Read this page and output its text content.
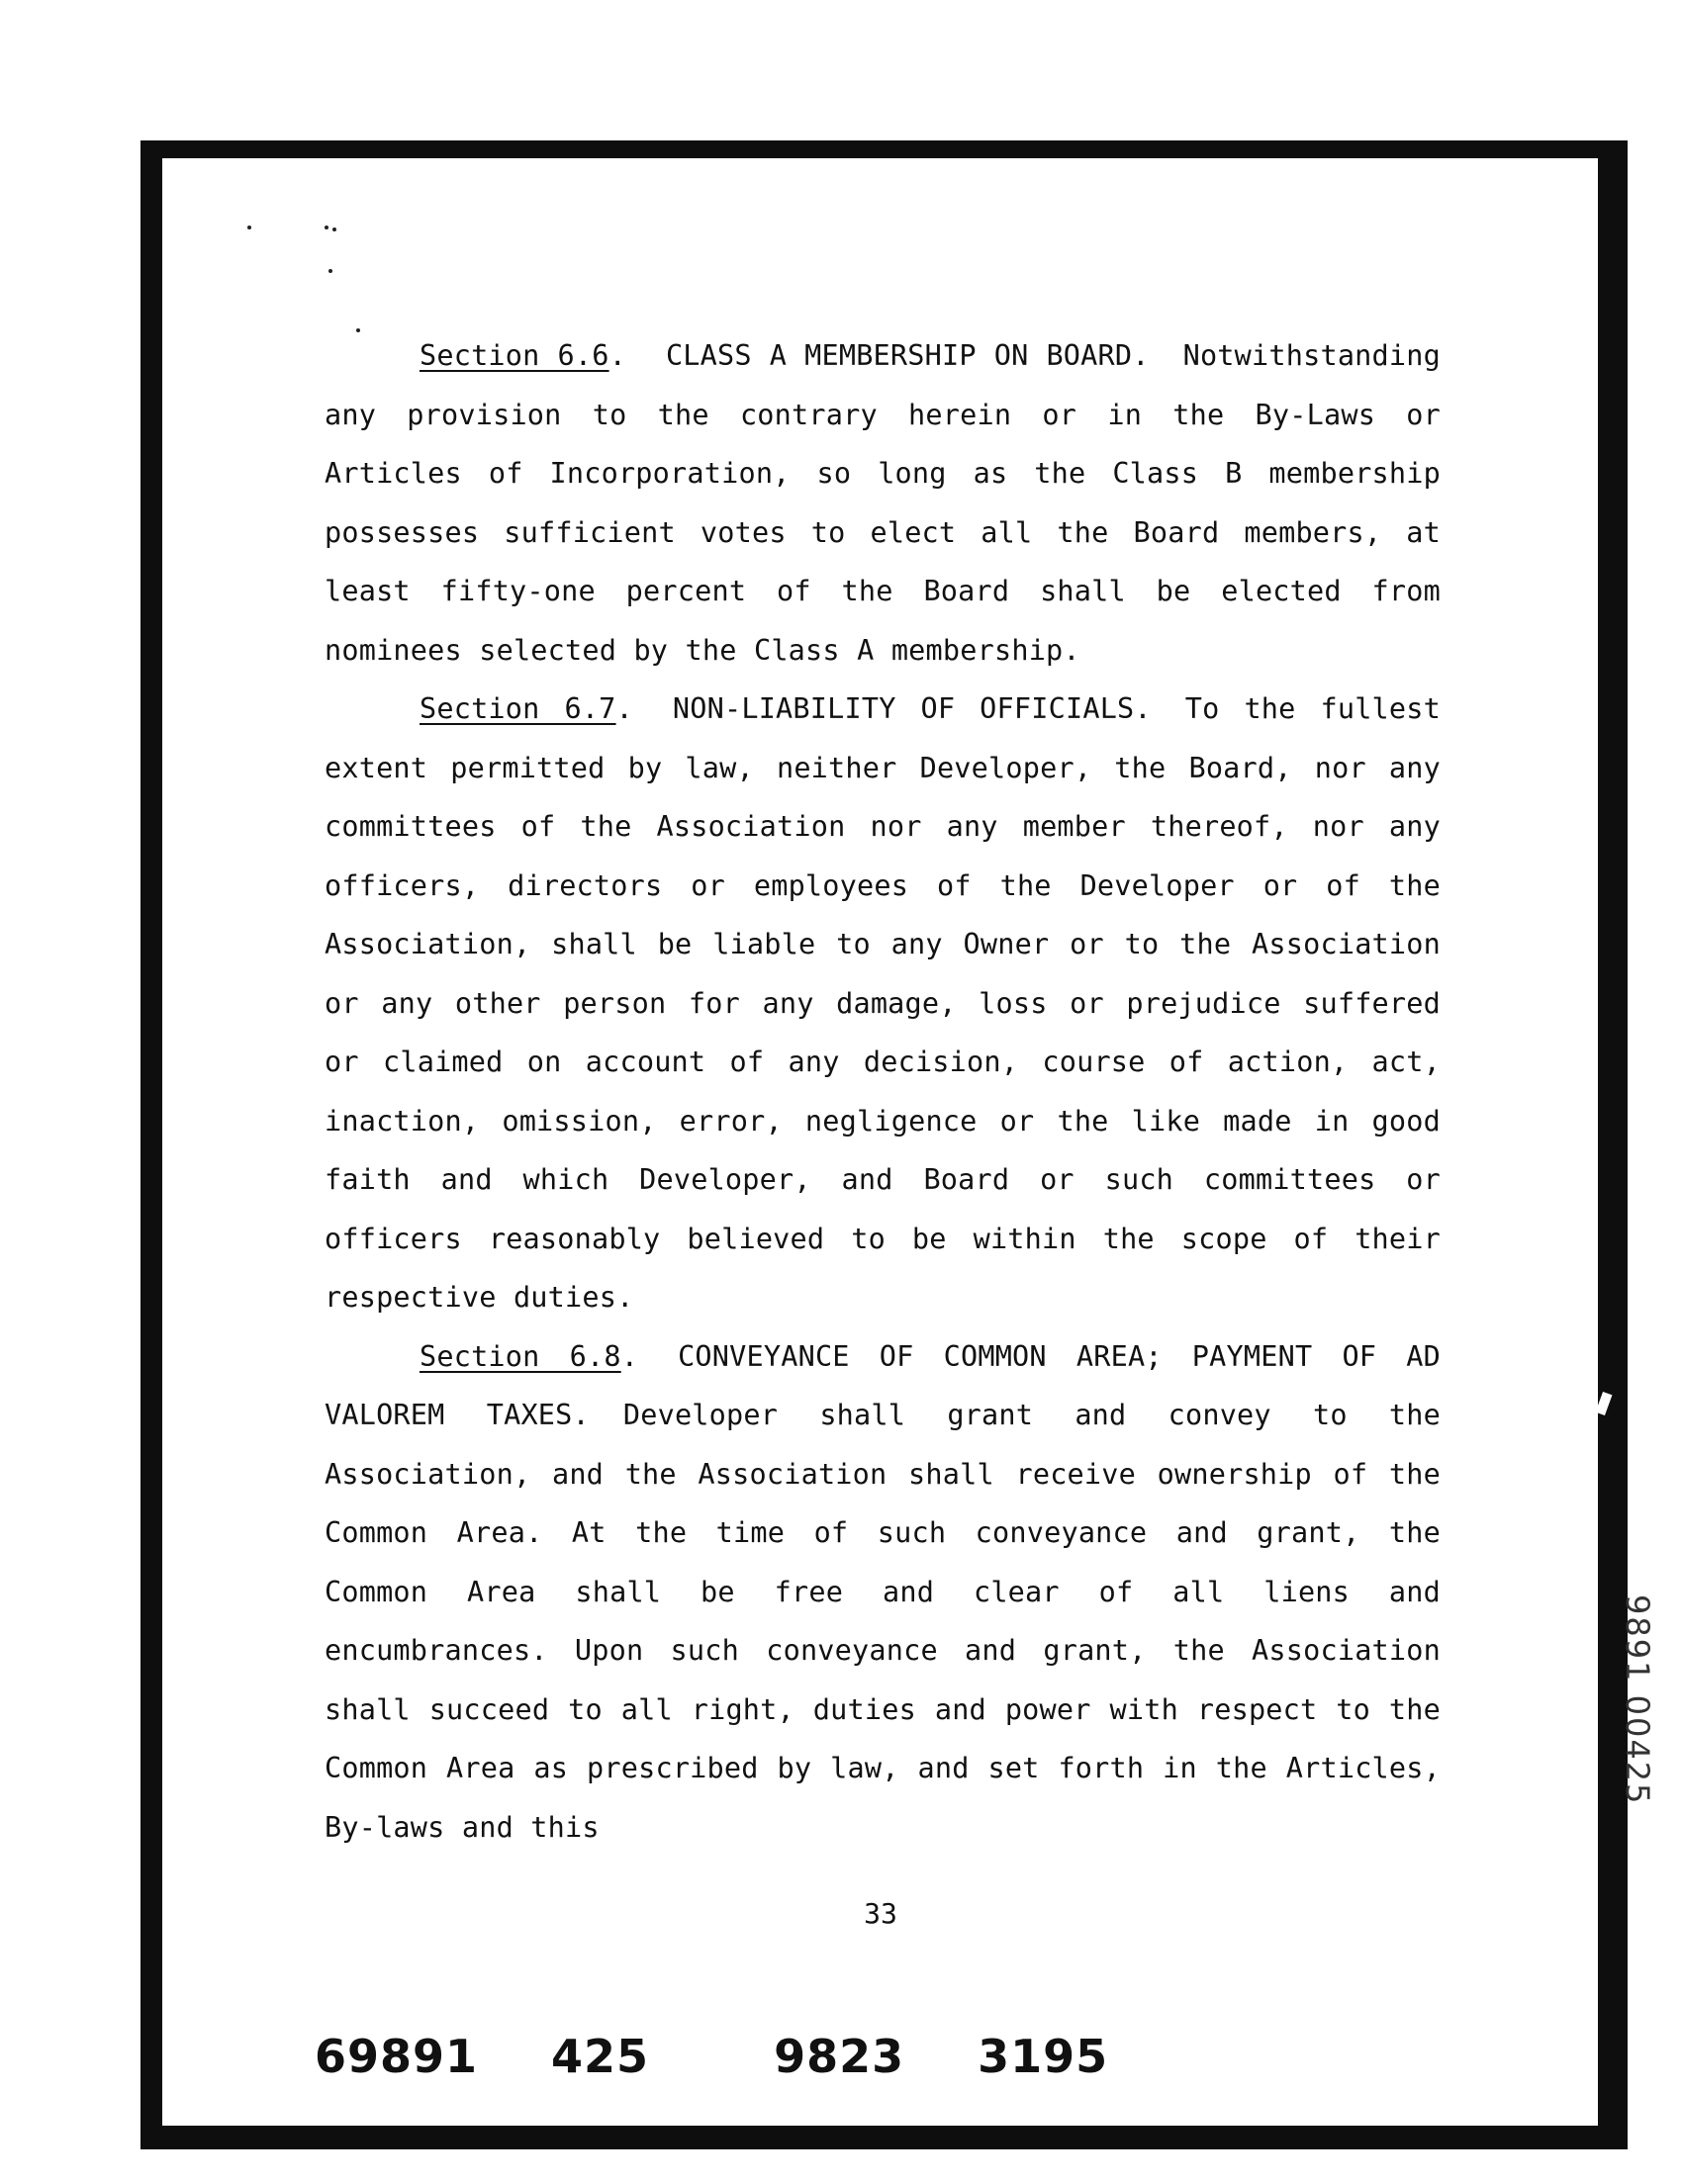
Section 6.6. CLASS A MEMBERSHIP ON BOARD. Notwithstanding any provision to the contrary herein or in the By-Laws or Articles of Incorporation, so long as the Class B membership possesses sufficient votes to elect all the Board members, at least fifty-one percent of the Board shall be elected from nominees selected by the Class A membership.

Section 6.7. NON-LIABILITY OF OFFICIALS. To the fullest extent permitted by law, neither Developer, the Board, nor any committees of the Association nor any member thereof, nor any officers, directors or employees of the Developer or of the Association, shall be liable to any Owner or to the Association or any other person for any damage, loss or prejudice suffered or claimed on account of any decision, course of action, act, inaction, omission, error, negligence or the like made in good faith and which Developer, and Board or such committees or officers reasonably believed to be within the scope of their respective duties.

Section 6.8. CONVEYANCE OF COMMON AREA; PAYMENT OF AD VALOREM TAXES. Developer shall grant and convey to the Association, and the Association shall receive ownership of the Common Area. At the time of such conveyance and grant, the Common Area shall be free and clear of all liens and encumbrances. Upon such conveyance and grant, the Association shall succeed to all right, duties and power with respect to the Common Area as prescribed by law, and set forth in the Articles, By-laws and this

33
69891 425	9823 3195
9891 00425
